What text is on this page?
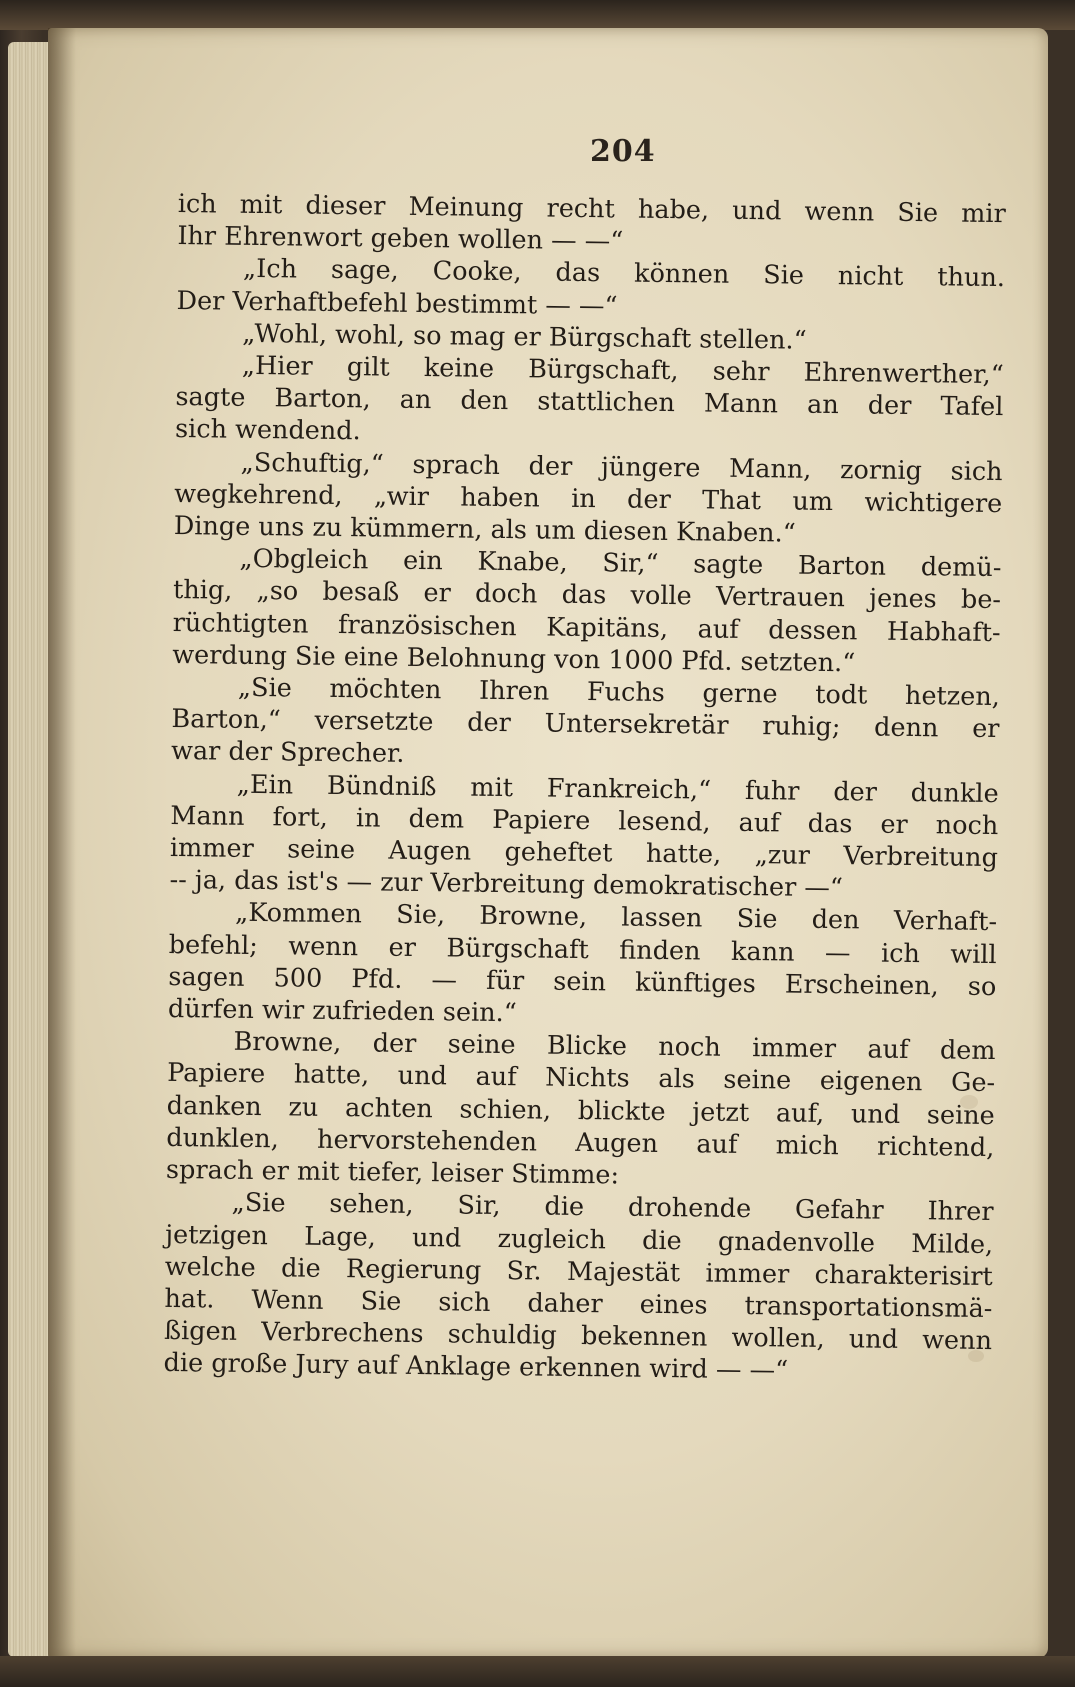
204

ich mit dieser Meinung recht habe, und wenn Sie mir
Ihr Ehrenwort geben wollen — —“

„Ich sage, Cooke, das können Sie nicht thun.
Der Verhaftbefehl bestimmt — —“

„Wohl, wohl, so mag er Bürgschaft stellen.“

„Hier gilt keine Bürgschaft, sehr Ehrenwerther,“
sagte Barton, an den stattlichen Mann an der Tafel
sich wendend.

„Schuftig,“ sprach der jüngere Mann, zornig sich
wegkehrend, „wir haben in der That um wichtigere
Dinge uns zu kümmern, als um diesen Knaben.“

„Obgleich ein Knabe, Sir,“ sagte Barton demü-
thig, „so besaß er doch das volle Vertrauen jenes be-
rüchtigten französischen Kapitäns, auf dessen Habhaft-
werdung Sie eine Belohnung von 1000 Pfd. setzten.“

„Sie möchten Ihren Fuchs gerne todt hetzen,
Barton,“ versetzte der Untersekretär ruhig; denn er
war der Sprecher.

„Ein Bündniß mit Frankreich,“ fuhr der dunkle
Mann fort, in dem Papiere lesend, auf das er noch
immer seine Augen geheftet hatte, „zur Verbreitung
-- ja, das ist's — zur Verbreitung demokratischer —“

„Kommen Sie, Browne, lassen Sie den Verhaft-
befehl; wenn er Bürgschaft finden kann — ich will
sagen 500 Pfd. — für sein künftiges Erscheinen, so
dürfen wir zufrieden sein.“

Browne, der seine Blicke noch immer auf dem
Papiere hatte, und auf Nichts als seine eigenen Ge-
danken zu achten schien, blickte jetzt auf, und seine
dunklen, hervorstehenden Augen auf mich richtend,
sprach er mit tiefer, leiser Stimme:

„Sie sehen, Sir, die drohende Gefahr Ihrer
jetzigen Lage, und zugleich die gnadenvolle Milde,
welche die Regierung Sr. Majestät immer charakterisirt
hat. Wenn Sie sich daher eines transportationsmä-
ßigen Verbrechens schuldig bekennen wollen, und wenn
die große Jury auf Anklage erkennen wird — —“
